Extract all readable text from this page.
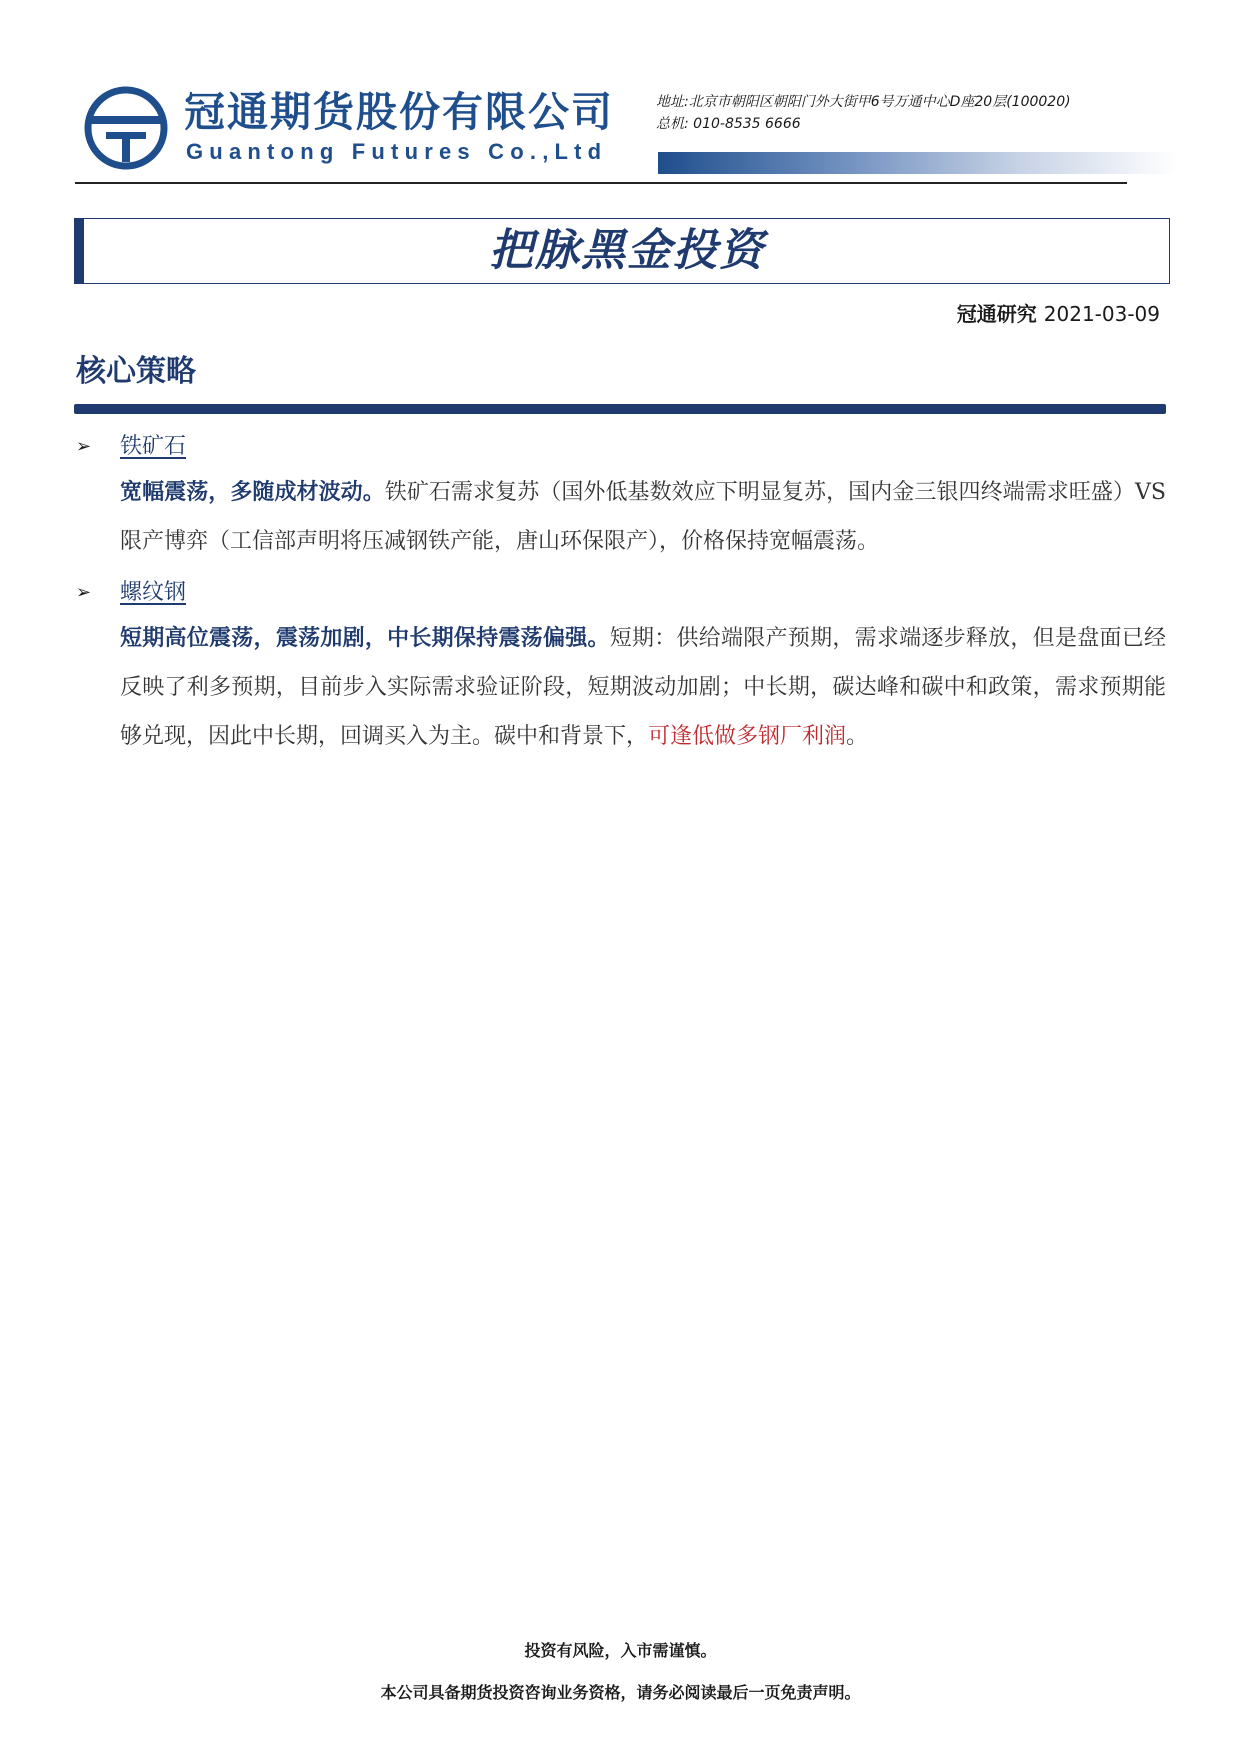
冠通期货股份有限公司
Guantong Futures Co.,Ltd
地址:北京市朝阳区朝阳门外大街甲6号万通中心D座20层(100020)
总机: 010-8535 6666
把脉黑金投资
冠通研究 2021-03-09
核心策略
➢ 铁矿石
宽幅震荡，多随成材波动。铁矿石需求复苏（国外低基数效应下明显复苏，国内金三银四终端需求旺盛）VS 限产博弈（工信部声明将压减钢铁产能，唐山环保限产），价格保持宽幅震荡。
➢ 螺纹钢
短期高位震荡，震荡加剧，中长期保持震荡偏强。短期：供给端限产预期，需求端逐步释放，但是盘面已经反映了利多预期，目前步入实际需求验证阶段，短期波动加剧；中长期，碳达峰和碳中和政策，需求预期能够兑现，因此中长期，回调买入为主。碳中和背景下，可逢低做多钢厂利润。
投资有风险，入市需谨慎。
本公司具备期货投资咨询业务资格，请务必阅读最后一页免责声明。
